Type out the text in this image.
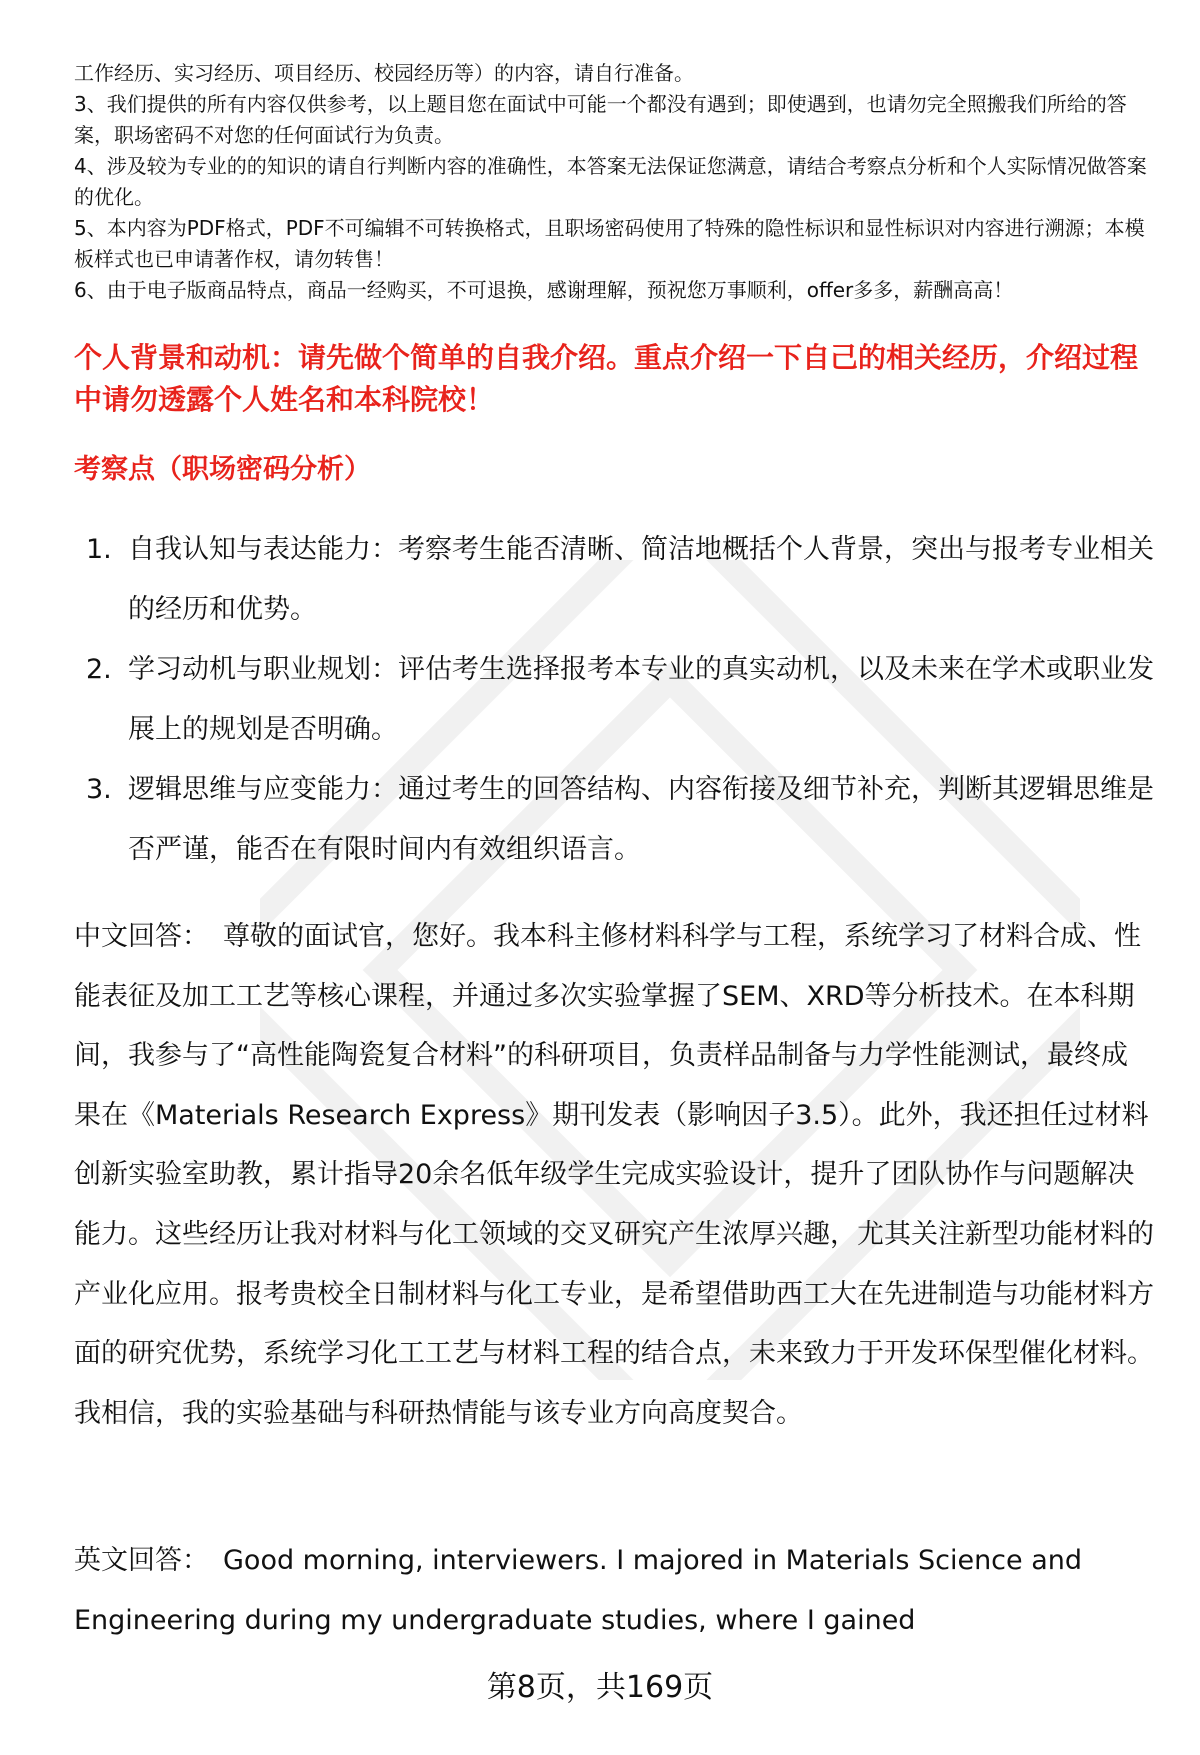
工作经历、实习经历、项目经历、校园经历等）的内容，请自行准备。

3、我们提供的所有内容仅供参考，以上题目您在面试中可能一个都没有遇到；即使遇到，也请勿完全照搬我们所给的答案，职场密码不对您的任何面试行为负责。

4、涉及较为专业的的知识的请自行判断内容的准确性，本答案无法保证您满意，请结合考察点分析和个人实际情况做答案的优化。

5、本内容为PDF格式，PDF不可编辑不可转换格式，且职场密码使用了特殊的隐性标识和显性标识对内容进行溯源；本模板样式也已申请著作权，请勿转售！

6、由于电子版商品特点，商品一经购买，不可退换，感谢理解，预祝您万事顺利，offer多多，薪酬高高！

个人背景和动机：请先做个简单的自我介绍。重点介绍一下自己的相关经历，介绍过程中请勿透露个人姓名和本科院校！
考察点（职场密码分析）
1. 自我认知与表达能力：考察考生能否清晰、简洁地概括个人背景，突出与报考专业相关的经历和优势。
2. 学习动机与职业规划：评估考生选择报考本专业的真实动机，以及未来在学术或职业发展上的规划是否明确。
3. 逻辑思维与应变能力：通过考生的回答结构、内容衔接及细节补充，判断其逻辑思维是否严谨，能否在有限时间内有效组织语言。

中文回答： 尊敬的面试官，您好。我本科主修材料科学与工程，系统学习了材料合成、性能表征及加工工艺等核心课程，并通过多次实验掌握了SEM、XRD等分析技术。在本科期间，我参与了“高性能陶瓷复合材料”的科研项目，负责样品制备与力学性能测试，最终成果在《Materials Research Express》期刊发表（影响因子3.5）。此外，我还担任过材料创新实验室助教，累计指导20余名低年级学生完成实验设计，提升了团队协作与问题解决能力。这些经历让我对材料与化工领域的交叉研究产生浓厚兴趣，尤其关注新型功能材料的产业化应用。报考贵校全日制材料与化工专业，是希望借助西工大在先进制造与功能材料方面的研究优势，系统学习化工工艺与材料工程的结合点，未来致力于开发环保型催化材料。我相信，我的实验基础与科研热情能与该专业方向高度契合。

英文回答： Good morning, interviewers. I majored in Materials Science and Engineering during my undergraduate studies, where I gained

第8页，共169页
